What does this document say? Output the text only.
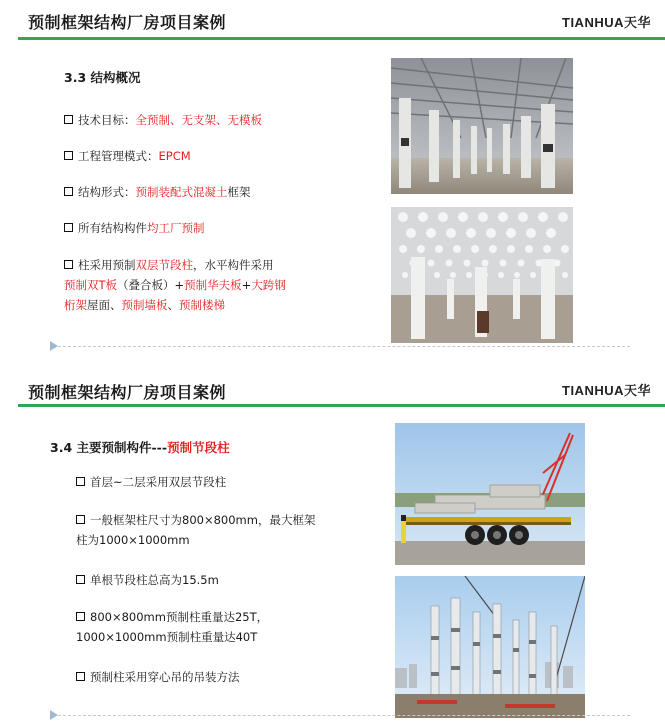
预制框架结构厂房项目案例	TIANHUA天华
3.3 结构概况
技术目标：全预制、无支架、无模板
工程管理模式：EPCM
结构形式：预制装配式混凝土框架
所有结构构件均工厂预制
柱采用预制双层节段柱，水平构件采用
预制双T板（叠合板）+预制华夫板+大跨钢
桁架屋面、预制墙板、预制楼梯
预制框架结构厂房项目案例	TIANHUA天华
3.4 主要预制构件---预制节段柱
首层~二层采用双层节段柱
一般框架柱尺寸为800×800mm，最大框架
柱为1000×1000mm
单根节段柱总高为15.5m
800×800mm预制柱重量达25T，
1000×1000mm预制柱重量达40T
预制柱采用穿心吊的吊装方法
